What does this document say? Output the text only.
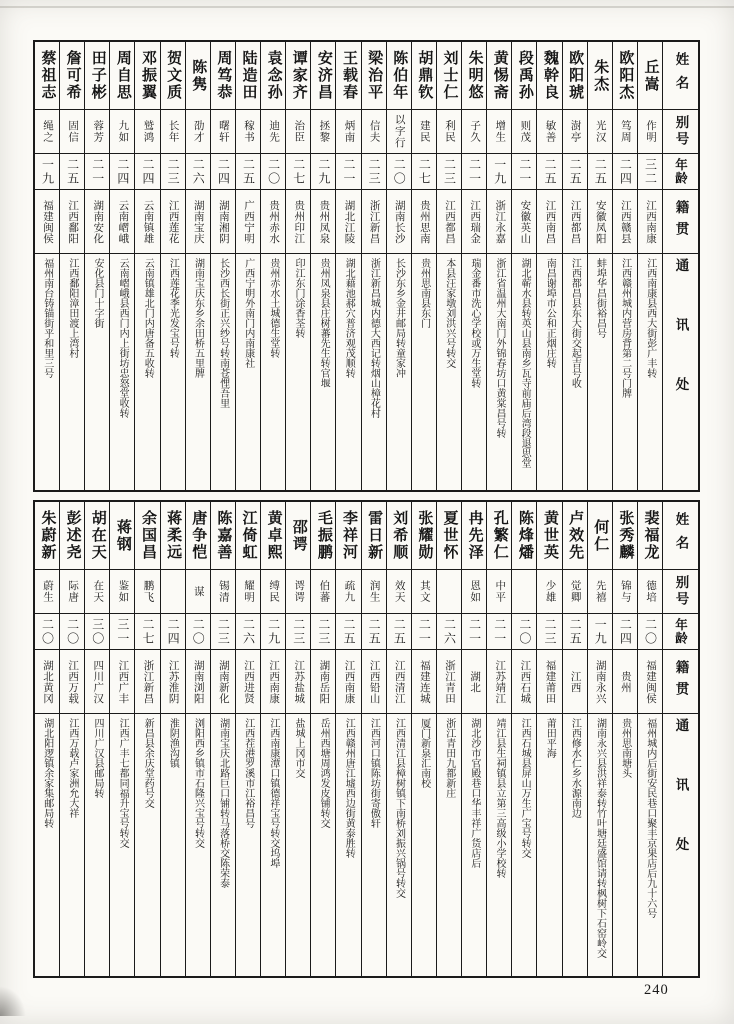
姓名
别号
年龄
籍贯
通讯处
丘嵩
作明
三二
江西南康
江西南康县西大街彭广丰转
欧阳杰
笃周
二四
江西赣县
江西赣州城内营房背第二号门牌
朱杰
光汉
二五
安徽凤阳
蚌埠华昌街裕昌号
欧阳琥
澍亭
二五
江西都昌
江西都昌县东大街交起吉号收
魏幹良
敏善
二五
江西南昌
南昌谢埠市公和正烟庄转
段禹孙
则茂
二一
安徽英山
湖北蕲水县转英山县南乡瓦寺前庙后湾段退思堂
黄惕斋
增生
一九
浙江永嘉
浙江省温州大南门外锦春坊口黄棠昌号转
朱明悠
子久
二一
江西瑞金
瑞金番市洗心学校或万生堂转
刘士仁
利民
二三
江西都昌
本县汪家墩刘洪兴号转交
胡鼎钦
建民
二七
贵州思南
贵州思南县东门
陈伯年
以字行
二〇
湖南长沙
长沙东乡金井邮局转童家冲
梁治平
信夫
二三
浙江新昌
浙江新昌城内德大西记转烟山樟花村
王载春
炳南
二一
湖北江陵
湖北藉池郝穴普济观茂顺转
安济昌
拯黎
二九
贵州凤泉
贵州凤泉县庄树蕃先生转官堰
谭家齐
治臣
二七
贵州印江
印江东门涂香荃转
袁念孙
迪先
二〇
贵州赤水
贵州赤水土城德生堂转
陆造田
稼书
二五
广西宁明
广西宁明外南门内南康社
周笃恭
曙轩
二四
湖南湘阴
长沙西长街正兴纱号转南苍悝吾里
陈隽
劭才
二六
湖南宝庆
湖南宝庆东乡余田桥五里牌
贺文质
长年
二三
江西莲花
江西莲花季光发宝号转
邓振翼
鹫鸿
二四
云南镇雄
云南镇雄北门内唐备五收转
周自思
九如
二四
云南嶍峨
云南嶍峨县西门内上街坊忠怒堂收转
田子彬
蓉芳
二一
湖南安化
安化县门十字街
詹可希
固信
二五
江西鄱阳
江西鄱阳漳田渡上湾村
蔡祖志
绳之
一九
福建闽侯
福州南台铸锚街平和里三号
姓名
别号
年龄
籍贯
通讯处
裴福龙
德培
二〇
福建闽侯
福州城内后街安民巷口聚丰京果店后九十六号
张秀麟
锦与
二四
贵州
贵州思南塘头
何仁
先禧
一九
湖南永兴
湖南永兴县洪祥泰转竹叶塘廷盛馆请转枫树下石窑岭交
卢效先
觉卿
二五
江西
江西修水仁乡水源南边
黄世英
少雄
二三
福建莆田
莆田平海
陈烽燔
二〇
江西石城
江西石城县屏山万生广宝号转交
孔繁仁
中平
二一
江苏靖江
靖江县生祠镇县立第三高级小学校转
冉先泽
恩如
二一
湖北
湖北沙市官殿巷口华丰祥广货店后
夏世怀
二六
浙江青田
浙江青田九都新庄
张耀勋
其文
二一
福建连城
厦门新泉汇南校
刘希顺
效天
二五
江西清江
江西清江县樟树镇下南桥刘振兴锅号转交
雷日新
润生
二五
江西铅山
江西河口镇陈坊街寄傲轩
李祥河
疏九
二五
江西南康
江西赣州唐江墟西边街黄泰胜转
毛振鹏
伯蕃
二三
湖南岳阳
岳州西塘周鸿发皮铺转交
邵谔
谔谔
二三
江苏盐城
盐城上冈市交
黄卓熙
缚民
二九
江西南康
江西南康潭口镇德祥宝号转交坞埠
江倚虹
耀明
二六
江西进贤
江西茬港罗溪市江裕昌号
陈嘉善
锡清
二三
湖南新化
湖南宝庆北路巨口铺转马落桥交陈荣泰
唐争恺
谋
二〇
湖南浏阳
浏阳西乡镇市石隆兴宝号转交
蒋柔远
二四
江苏淮阴
淮阴渔沟镇
余国昌
鹏飞
二七
浙江新昌
新昌县余庆堂药号交
蒋钢
鉴如
三一
江西广丰
江西广丰七都同福升宝号转交
胡在天
在天
三〇
四川广汉
四川广汉县邮局转
彭述尧
际唐
二〇
江西万载
江西万载卢家洲允大祥
朱蔚新
蔚生
二〇
湖北黄冈
湖北阳逻镇余家集邮局转
240
